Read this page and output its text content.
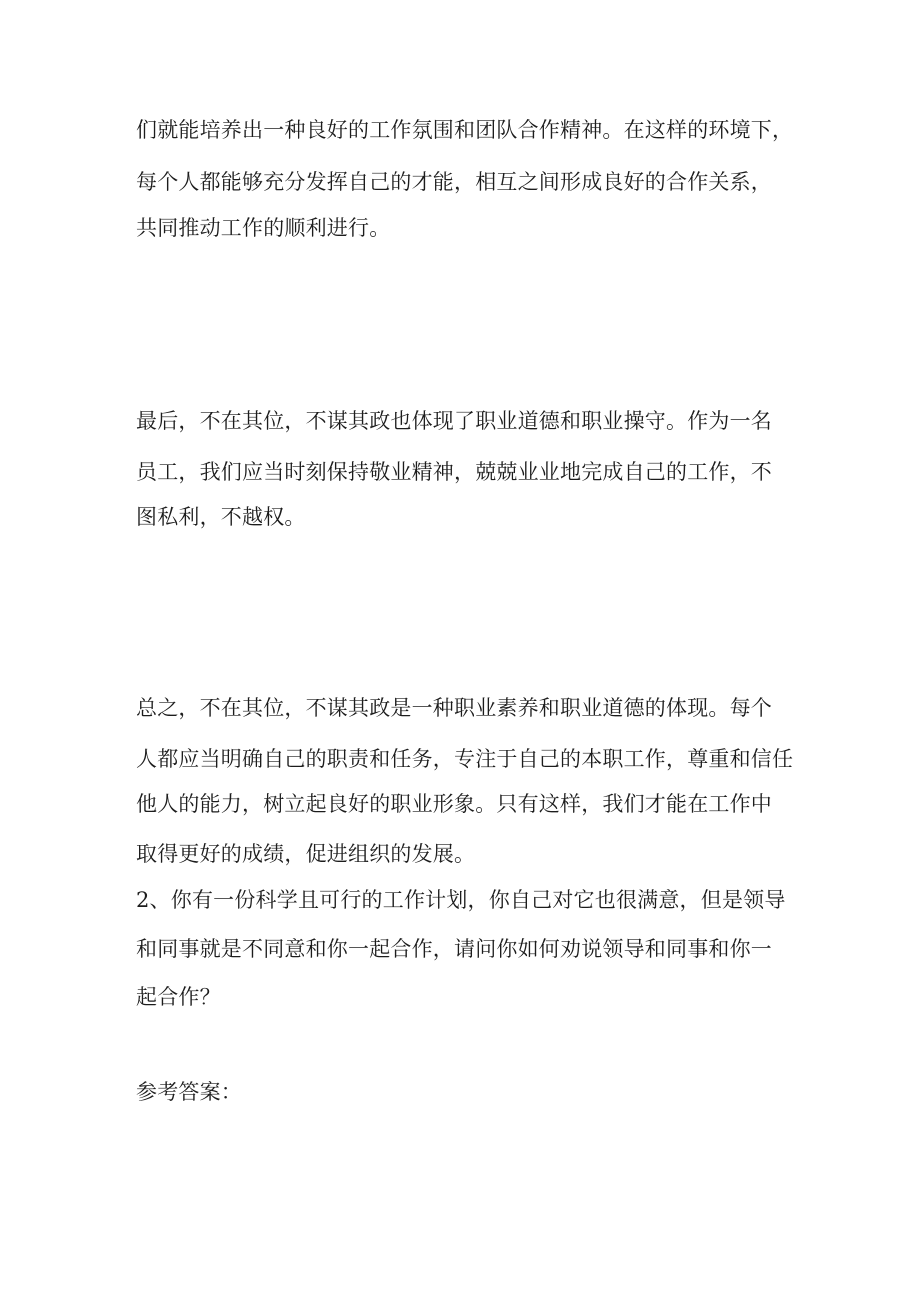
们就能培养出一种良好的工作氛围和团队合作精神。在这样的环境下，
每个人都能够充分发挥自己的才能，相互之间形成良好的合作关系，
共同推动工作的顺利进行。
最后，不在其位，不谋其政也体现了职业道德和职业操守。作为一名
员工，我们应当时刻保持敬业精神，兢兢业业地完成自己的工作，不
图私利，不越权。
总之，不在其位，不谋其政是一种职业素养和职业道德的体现。每个
人都应当明确自己的职责和任务，专注于自己的本职工作，尊重和信任
他人的能力，树立起良好的职业形象。只有这样，我们才能在工作中
取得更好的成绩，促进组织的发展。
2、你有一份科学且可行的工作计划，你自己对它也很满意，但是领导
和同事就是不同意和你一起合作，请问你如何劝说领导和同事和你一
起合作？
参考答案：
